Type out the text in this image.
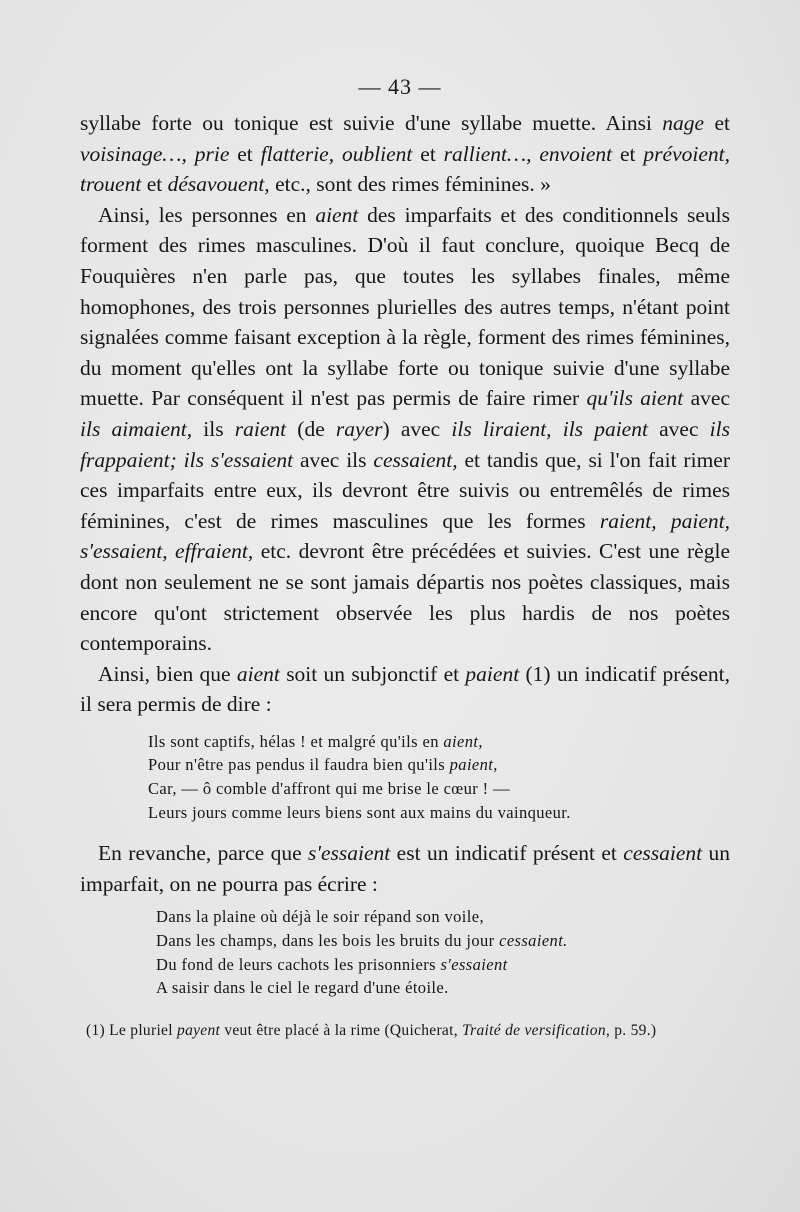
— 43 —

syllabe forte ou tonique est suivie d'une syllabe muette. Ainsi nage et voisinage…, prie et flatterie, oublient et rallient…, envoient et prévoient, trouent et désavouent, etc., sont des rimes féminines. »

Ainsi, les personnes en aient des imparfaits et des conditionnels seuls forment des rimes masculines. D'où il faut conclure, quoique Becq de Fouquières n'en parle pas, que toutes les syllabes finales, même homophones, des trois personnes plurielles des autres temps, n'étant point signalées comme faisant exception à la règle, forment des rimes féminines, du moment qu'elles ont la syllabe forte ou tonique suivie d'une syllabe muette. Par conséquent il n'est pas permis de faire rimer qu'ils aient avec ils aimaient, ils raient (de rayer) avec ils liraient, ils paient avec ils frappaient; ils s'essaient avec ils cessaient, et tandis que, si l'on fait rimer ces imparfaits entre eux, ils devront être suivis ou entremêlés de rimes féminines, c'est de rimes masculines que les formes raient, paient, s'essaient, effraient, etc. devront être précédées et suivies. C'est une règle dont non seulement ne se sont jamais départis nos poètes classiques, mais encore qu'ont strictement observée les plus hardis de nos poètes contemporains.

Ainsi, bien que aient soit un subjonctif et paient (1) un indicatif présent, il sera permis de dire :

Ils sont captifs, hélas ! et malgré qu'ils en aient,
Pour n'être pas pendus il faudra bien qu'ils paient,
Car, — ô comble d'affront qui me brise le cœur ! —
Leurs jours comme leurs biens sont aux mains du vainqueur.

En revanche, parce que s'essaient est un indicatif présent et cessaient un imparfait, on ne pourra pas écrire :

Dans la plaine où déjà le soir répand son voile,
Dans les champs, dans les bois les bruits du jour cessaient.
Du fond de leurs cachots les prisonniers s'essaient
A saisir dans le ciel le regard d'une étoile.

(1) Le pluriel payent veut être placé à la rime (Quicherat, Traité de versification, p. 59.)
